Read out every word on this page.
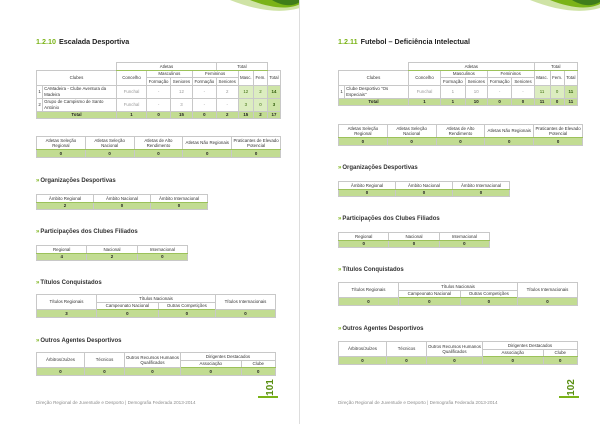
1.2.10 Escalada Desportiva
		Atletas				Total			
Clubes		Concelho	Masculinos		Femininos		Masc.	Fem.	Total
			Formação	Seniores	Formação	Seniores			
1	CAMadeira - Clube Aventura da Madeira	Funchal	-	12	-	2	12	2	14
2	Grupo de Campismo de Santo António	Funchal	-	3	-	-	3	0	3
Total		1	0	15	0	2	15	2	17
Atletas Seleção Regional	Atletas Seleção Nacional	Atletas de Alto Rendimento	Atletas Não Regionais	Praticantes de Elevado Potencial
0	0	0	0	0
»Organizações Desportivas
Âmbito Regional	Âmbito Nacional	Âmbito Internacional
2	0	0
»Participações dos Clubes Filiados
Regional	Nacional	Internacional
4	2	0
»Títulos Conquistados
Títulos Regionais	Títulos Nacionais		Títulos Internacionais
	Campeonato Nacional	Outras Competições	
3	0	0	0
»Outros Agentes Desportivos
Árbitros/Juízes	Técnicos	Outros Recursos Humanos Qualificados	Dirigentes Destacados	
			Associação	Clube
0	0	0	0	0
Direção Regional de Juventude e Desporto | Demografia Federada 2013-2014
101
1.2.11 Futebol – Deficiência Intelectual
		Atletas					Total		
Clubes		Concelho	Masculinos		Femininos		Masc.	Fem.	Total
			Formação	Seniores	Formação	Seniores			
1	Clube Desportivo "Os Especiais"	Funchal	1	10	-	-	11	0	11
Total		1	1	10	0	0	11	0	11
Atletas Seleção Regional	Atletas Seleção Nacional	Atletas de Alto Rendimento	Atletas Não Regionais	Praticantes de Elevado Potencial
0	0	0	0	0
»Organizações Desportivas
Âmbito Regional	Âmbito Nacional	Âmbito Internacional
0	0	0
»Participações dos Clubes Filiados
Regional	Nacional	Internacional
0	0	0
»Títulos Conquistados
Títulos Regionais	Títulos Nacionais		Títulos Internacionais
	Campeonato Nacional	Outras Competições	
0	0	0	0
»Outros Agentes Desportivos
Árbitros/Juízes	Técnicos	Outros Recursos Humanos Qualificados	Dirigentes Destacados	
			Associação	Clube
0	0	0	0	0
Direção Regional de Juventude e Desporto | Demografia Federada 2013-2014
102
